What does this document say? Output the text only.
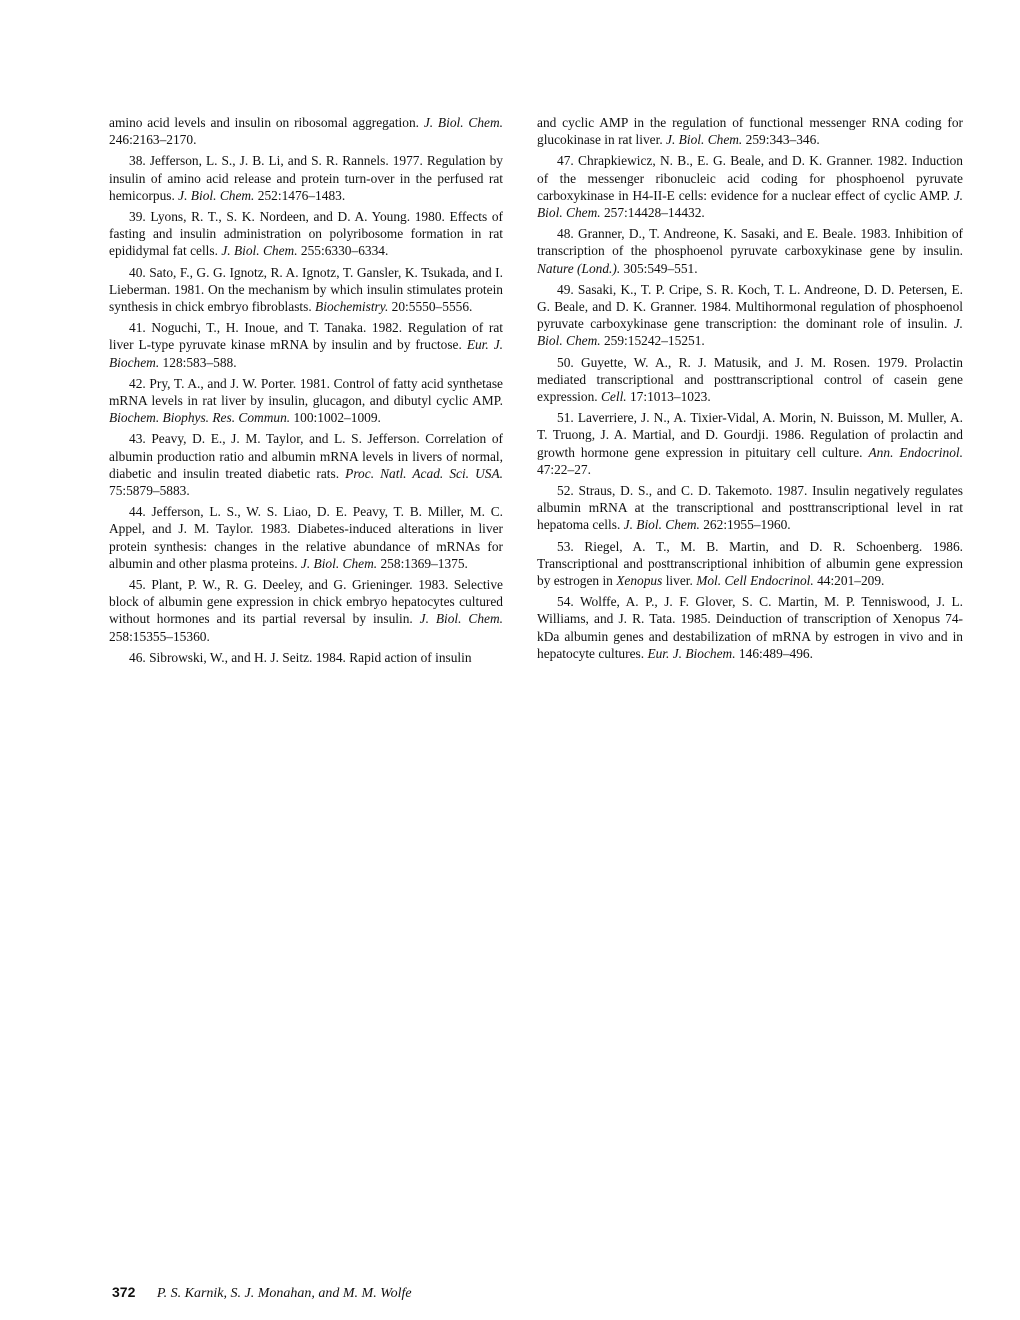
amino acid levels and insulin on ribosomal aggregation. J. Biol. Chem. 246:2163–2170.

38. Jefferson, L. S., J. B. Li, and S. R. Rannels. 1977. Regulation by insulin of amino acid release and protein turn-over in the perfused rat hemicorpus. J. Biol. Chem. 252:1476–1483.

39. Lyons, R. T., S. K. Nordeen, and D. A. Young. 1980. Effects of fasting and insulin administration on polyribosome formation in rat epididymal fat cells. J. Biol. Chem. 255:6330–6334.

40. Sato, F., G. G. Ignotz, R. A. Ignotz, T. Gansler, K. Tsukada, and I. Lieberman. 1981. On the mechanism by which insulin stimulates protein synthesis in chick embryo fibroblasts. Biochemistry. 20:5550–5556.

41. Noguchi, T., H. Inoue, and T. Tanaka. 1982. Regulation of rat liver L-type pyruvate kinase mRNA by insulin and by fructose. Eur. J. Biochem. 128:583–588.

42. Pry, T. A., and J. W. Porter. 1981. Control of fatty acid synthetase mRNA levels in rat liver by insulin, glucagon, and dibutyl cyclic AMP. Biochem. Biophys. Res. Commun. 100:1002–1009.

43. Peavy, D. E., J. M. Taylor, and L. S. Jefferson. Correlation of albumin production ratio and albumin mRNA levels in livers of normal, diabetic and insulin treated diabetic rats. Proc. Natl. Acad. Sci. USA. 75:5879–5883.

44. Jefferson, L. S., W. S. Liao, D. E. Peavy, T. B. Miller, M. C. Appel, and J. M. Taylor. 1983. Diabetes-induced alterations in liver protein synthesis: changes in the relative abundance of mRNAs for albumin and other plasma proteins. J. Biol. Chem. 258:1369–1375.

45. Plant, P. W., R. G. Deeley, and G. Grieninger. 1983. Selective block of albumin gene expression in chick embryo hepatocytes cultured without hormones and its partial reversal by insulin. J. Biol. Chem. 258:15355–15360.

46. Sibrowski, W., and H. J. Seitz. 1984. Rapid action of insulin

and cyclic AMP in the regulation of functional messenger RNA coding for glucokinase in rat liver. J. Biol. Chem. 259:343–346.

47. Chrapkiewicz, N. B., E. G. Beale, and D. K. Granner. 1982. Induction of the messenger ribonucleic acid coding for phosphoenol pyruvate carboxykinase in H4-II-E cells: evidence for a nuclear effect of cyclic AMP. J. Biol. Chem. 257:14428–14432.

48. Granner, D., T. Andreone, K. Sasaki, and E. Beale. 1983. Inhibition of transcription of the phosphoenol pyruvate carboxykinase gene by insulin. Nature (Lond.). 305:549–551.

49. Sasaki, K., T. P. Cripe, S. R. Koch, T. L. Andreone, D. D. Petersen, E. G. Beale, and D. K. Granner. 1984. Multihormonal regulation of phosphoenol pyruvate carboxykinase gene transcription: the dominant role of insulin. J. Biol. Chem. 259:15242–15251.

50. Guyette, W. A., R. J. Matusik, and J. M. Rosen. 1979. Prolactin mediated transcriptional and posttranscriptional control of casein gene expression. Cell. 17:1013–1023.

51. Laverriere, J. N., A. Tixier-Vidal, A. Morin, N. Buisson, M. Muller, A. T. Truong, J. A. Martial, and D. Gourdji. 1986. Regulation of prolactin and growth hormone gene expression in pituitary cell culture. Ann. Endocrinol. 47:22–27.

52. Straus, D. S., and C. D. Takemoto. 1987. Insulin negatively regulates albumin mRNA at the transcriptional and posttranscriptional level in rat hepatoma cells. J. Biol. Chem. 262:1955–1960.

53. Riegel, A. T., M. B. Martin, and D. R. Schoenberg. 1986. Transcriptional and posttranscriptional inhibition of albumin gene expression by estrogen in Xenopus liver. Mol. Cell Endocrinol. 44:201–209.

54. Wolffe, A. P., J. F. Glover, S. C. Martin, M. P. Tenniswood, J. L. Williams, and J. R. Tata. 1985. Deinduction of transcription of Xenopus 74-kDa albumin genes and destabilization of mRNA by estrogen in vivo and in hepatocyte cultures. Eur. J. Biochem. 146:489–496.

372 P. S. Karnik, S. J. Monahan, and M. M. Wolfe
